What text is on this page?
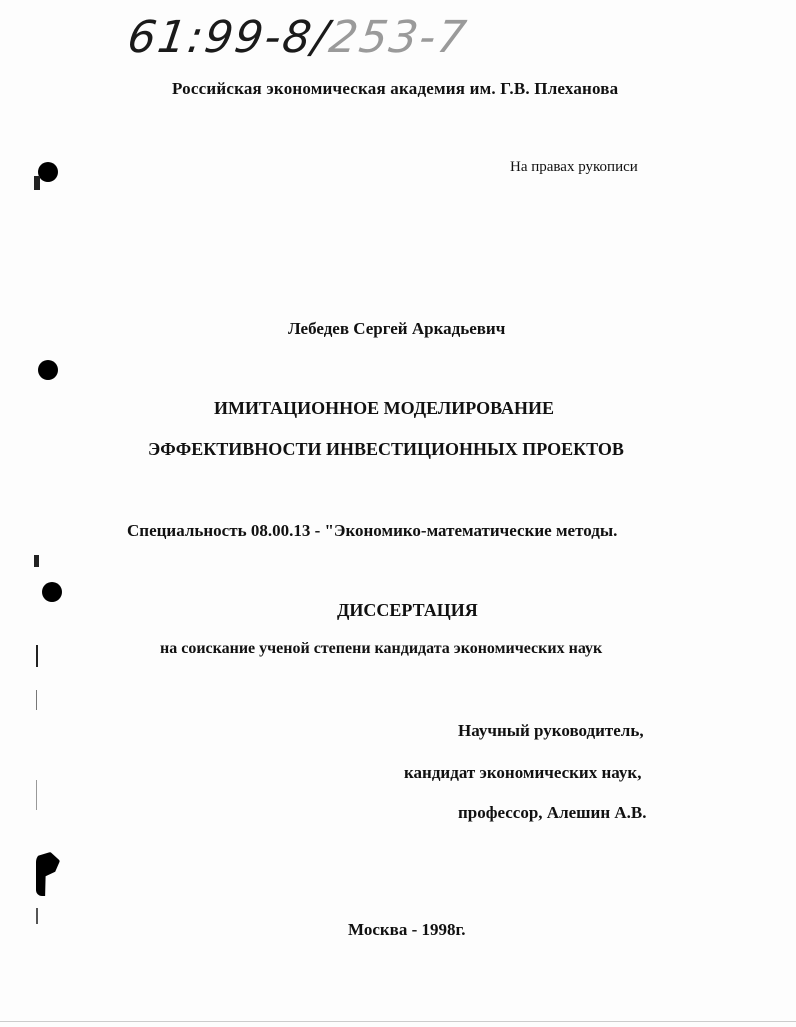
61:99-8/253-7
Российская экономическая академия им. Г.В. Плеханова
На правах рукописи
Лебедев Сергей Аркадьевич
ИМИТАЦИОННОЕ МОДЕЛИРОВАНИЕ
ЭФФЕКТИВНОСТИ ИНВЕСТИЦИОННЫХ ПРОЕКТОВ
Специальность 08.00.13 - "Экономико-математические методы.
ДИССЕРТАЦИЯ
на соискание ученой степени кандидата экономических наук
Научный руководитель,
кандидат экономических наук,
профессор, Алешин А.В.
Москва - 1998г.
